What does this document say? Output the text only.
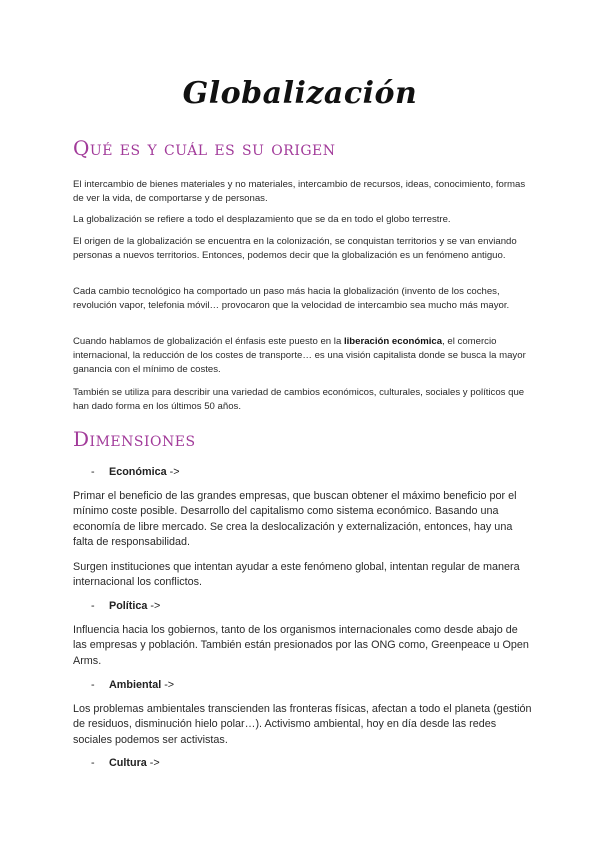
Globalización
Qué es y cuál es su origen
El intercambio de bienes materiales y no materiales, intercambio de recursos, ideas, conocimiento, formas de ver la vida, de comportarse y de personas.
La globalización se refiere a todo el desplazamiento que se da en todo el globo terrestre.
El origen de la globalización se encuentra en la colonización, se conquistan territorios y se van enviando personas a nuevos territorios. Entonces, podemos decir que la globalización es un fenómeno antiguo.
Cada cambio tecnológico ha comportado un paso más hacia la globalización (invento de los coches, revolución vapor, telefonia móvil… provocaron que la velocidad de intercambio sea mucho más mayor.
Cuando hablamos de globalización el énfasis este puesto en la liberación económica, el comercio internacional, la reducción de los costes de transporte… es una visión capitalista donde se busca la mayor ganancia con el mínimo de costes.
También se utiliza para describir una variedad de cambios económicos, culturales, sociales y políticos que han dado forma en los últimos 50 años.
Dimensiones
- Económica ->
Primar el beneficio de las grandes empresas, que buscan obtener el máximo beneficio por el mínimo coste posible. Desarrollo del capitalismo como sistema económico. Basando una economía de libre mercado. Se crea la deslocalización y externalización, entonces, hay una falta de responsabilidad.
Surgen instituciones que intentan ayudar a este fenómeno global, intentan regular de manera internacional los conflictos.
- Política ->
Influencia hacia los gobiernos, tanto de los organismos internacionales como desde abajo de las empresas y población. También están presionados por las ONG como, Greenpeace u Open Arms.
- Ambiental ->
Los problemas ambientales transcienden las fronteras físicas, afectan a todo el planeta (gestión de residuos, disminución hielo polar…). Activismo ambiental, hoy en día desde las redes sociales podemos ser activistas.
- Cultura ->
